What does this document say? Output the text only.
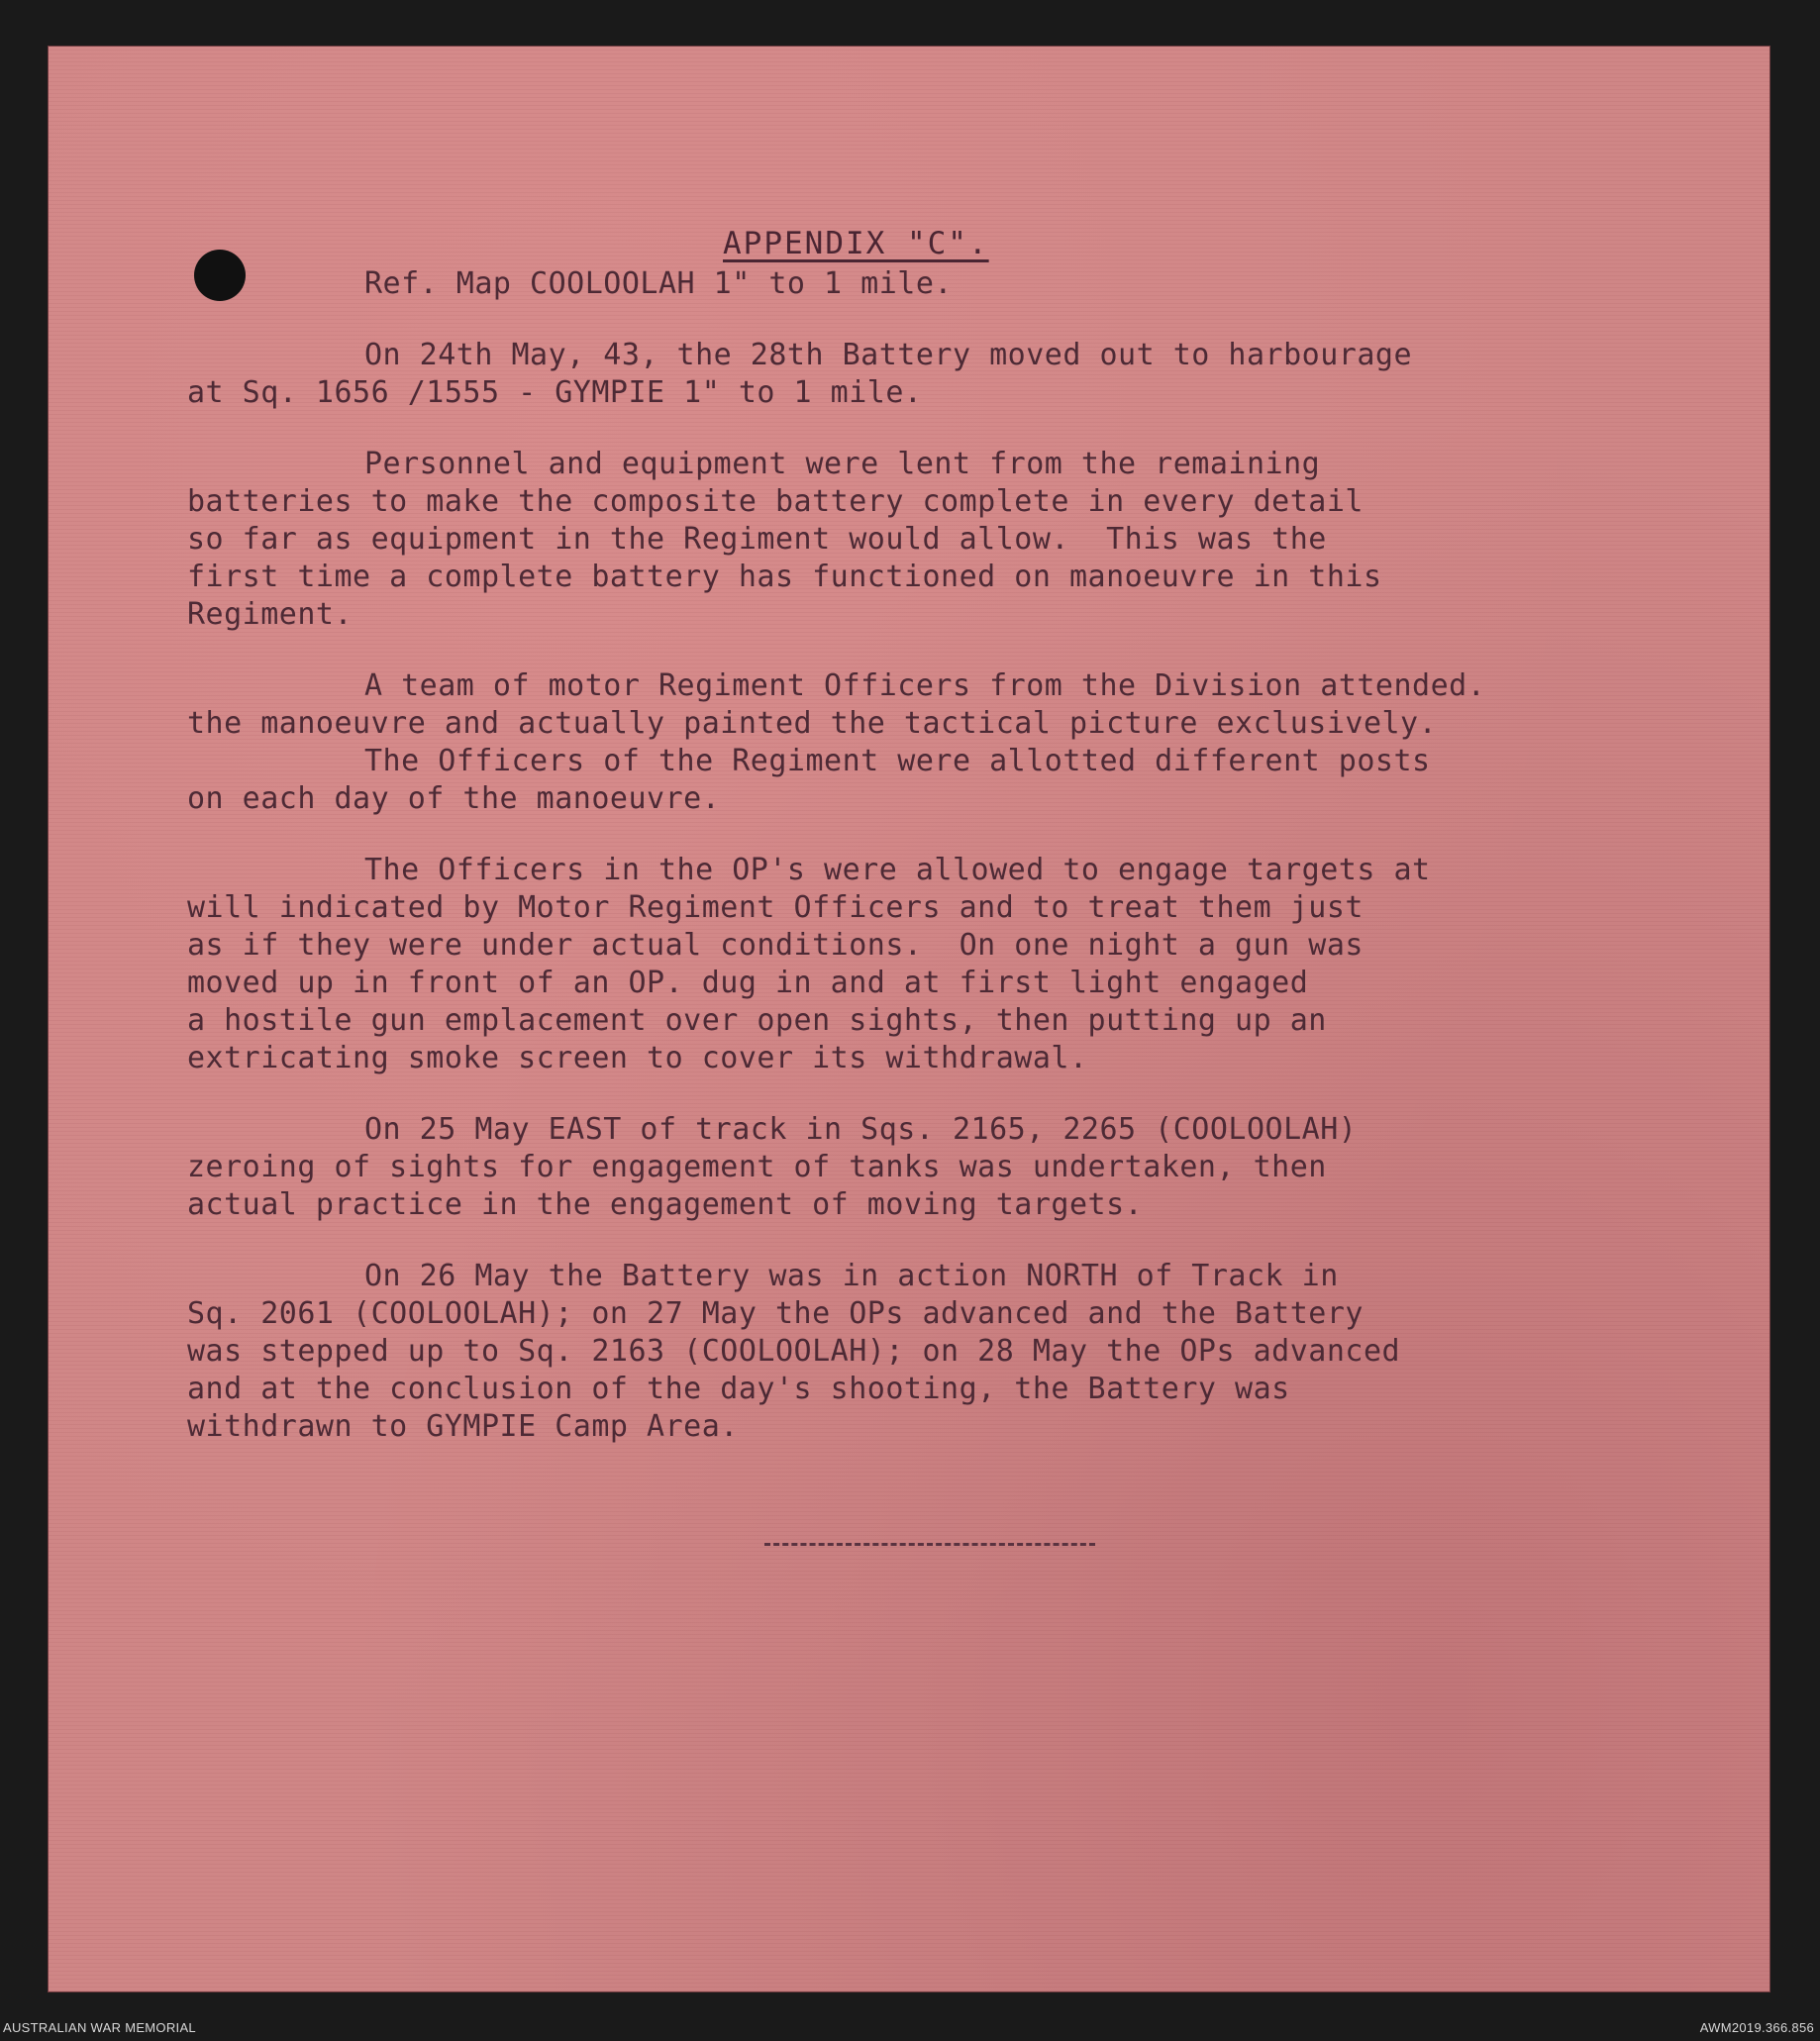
APPENDIX "C".

Ref. Map COOLOOLAH 1" to 1 mile.

On 24th May, 43, the 28th Battery moved out to harbourage

at Sq. 1656 /1555 - GYMPIE 1" to 1 mile.

Personnel and equipment were lent from the remaining

batteries to make the composite battery complete in every detail

so far as equipment in the Regiment would allow.  This was the

first time a complete battery has functioned on manoeuvre in this

Regiment.

A team of motor Regiment Officers from the Division attended.

the manoeuvre and actually painted the tactical picture exclusively.

The Officers of the Regiment were allotted different posts

on each day of the manoeuvre.

The Officers in the OP's were allowed to engage targets at

will indicated by Motor Regiment Officers and to treat them just

as if they were under actual conditions.  On one night a gun was

moved up in front of an OP. dug in and at first light engaged

a hostile gun emplacement over open sights, then putting up an

extricating smoke screen to cover its withdrawal.

On 25 May EAST of track in Sqs. 2165, 2265 (COOLOOLAH)

zeroing of sights for engagement of tanks was undertaken, then

actual practice in the engagement of moving targets.

On 26 May the Battery was in action NORTH of Track in

Sq. 2061 (COOLOOLAH); on 27 May the OPs advanced and the Battery

was stepped up to Sq. 2163 (COOLOOLAH); on 28 May the OPs advanced

and at the conclusion of the day's shooting, the Battery was

withdrawn to GYMPIE Camp Area.

AUSTRALIAN WAR MEMORIAL	AWM2019.366.856
